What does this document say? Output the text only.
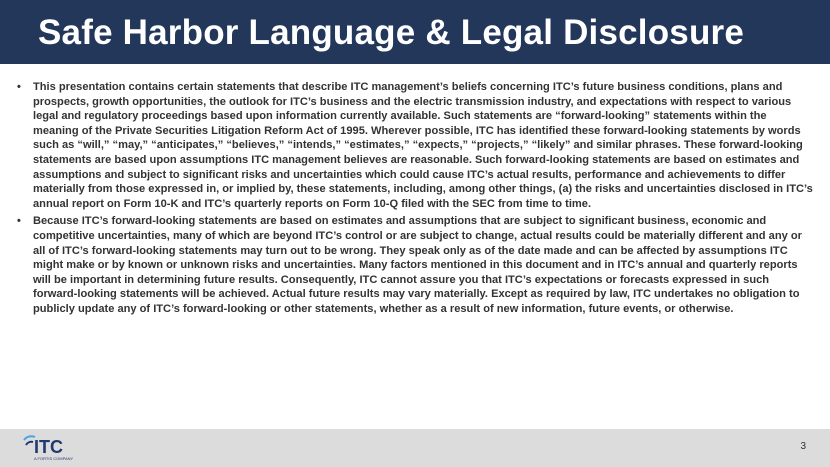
Safe Harbor Language & Legal Disclosure

• This presentation contains certain statements that describe ITC management’s beliefs concerning ITC’s future business conditions, plans and prospects, growth opportunities, the outlook for ITC’s business and the electric transmission industry, and expectations with respect to various legal and regulatory proceedings based upon information currently available. Such statements are “forward-looking” statements within the meaning of the Private Securities Litigation Reform Act of 1995. Wherever possible, ITC has identified these forward-looking statements by words such as “will,” “may,” “anticipates,” “believes,” “intends,” “estimates,” “expects,” “projects,” “likely” and similar phrases. These forward-looking statements are based upon assumptions ITC management believes are reasonable. Such forward-looking statements are based on estimates and assumptions and subject to significant risks and uncertainties which could cause ITC’s actual results, performance and achievements to differ materially from those expressed in, or implied by, these statements, including, among other things, (a) the risks and uncertainties disclosed in ITC’s annual report on Form 10-K and ITC’s quarterly reports on Form 10-Q filed with the SEC from time to time.

• Because ITC’s forward-looking statements are based on estimates and assumptions that are subject to significant business, economic and competitive uncertainties, many of which are beyond ITC’s control or are subject to change, actual results could be materially different and any or all of ITC’s forward-looking statements may turn out to be wrong. They speak only as of the date made and can be affected by assumptions ITC might make or by known or unknown risks and uncertainties. Many factors mentioned in this document and in ITC’s annual and quarterly reports will be important in determining future results. Consequently, ITC cannot assure you that ITC’s expectations or forecasts expressed in such forward-looking statements will be achieved. Actual future results may vary materially. Except as required by law, ITC undertakes no obligation to publicly update any of ITC’s forward-looking or other statements, whether as a result of new information, future events, or otherwise.

ITC
A FORTIS COMPANY
3
